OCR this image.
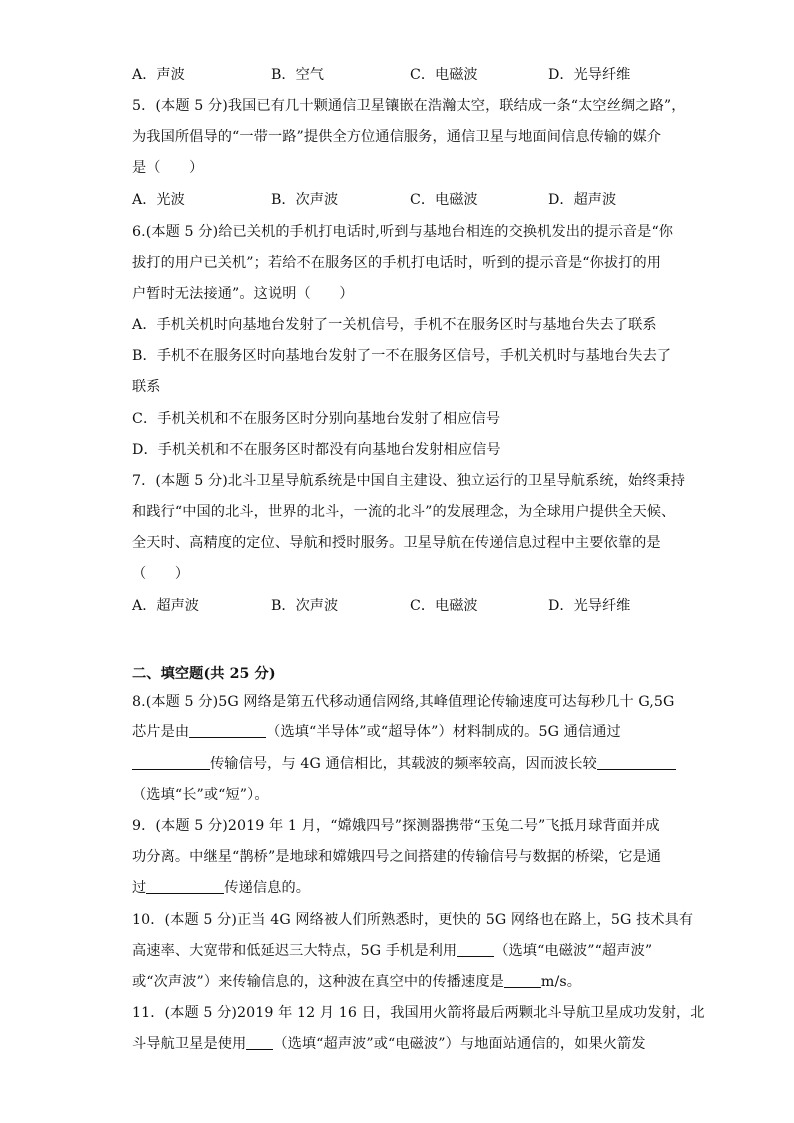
A．声波	B．空气	C．电磁波	D．光导纤维
5．(本题 5 分)我国已有几十颗通信卫星镶嵌在浩瀚太空，联结成一条“太空丝绸之路”，
为我国所倡导的“一带一路”提供全方位通信服务，通信卫星与地面间信息传输的媒介
是（　　）
A．光波	B．次声波	C．电磁波	D．超声波
6.(本题 5 分)给已关机的手机打电话时,听到与基地台相连的交换机发出的提示音是“你
拔打的用户已关机”；若给不在服务区的手机打电话时，听到的提示音是“你拔打的用
户暂时无法接通”。这说明（　　）
A．手机关机时向基地台发射了一关机信号，手机不在服务区时与基地台失去了联系
B．手机不在服务区时向基地台发射了一不在服务区信号，手机关机时与基地台失去了
联系
C．手机关机和不在服务区时分别向基地台发射了相应信号
D．手机关机和不在服务区时都没有向基地台发射相应信号
7．(本题 5 分)北斗卫星导航系统是中国自主建设、独立运行的卫星导航系统，始终秉持
和践行“中国的北斗，世界的北斗，一流的北斗”的发展理念，为全球用户提供全天候、
全天时、高精度的定位、导航和授时服务。卫星导航在传递信息过程中主要依靠的是
（　　）
A．超声波	B．次声波	C．电磁波	D．光导纤维
二、填空题(共 25 分)
8.(本题 5 分)5G 网络是第五代移动通信网络,其峰值理论传输速度可达每秒几十 G,5G
芯片是由	（选填“半导体”或“超导体”）材料制成的。5G 通信通过
传输信号，与 4G 通信相比，其载波的频率较高，因而波长较
（选填“长”或“短”）。
9．(本题 5 分)2019 年 1 月，“嫦娥四号”探测器携带“玉兔二号”飞抵月球背面并成
功分离。中继星“鹊桥”是地球和嫦娥四号之间搭建的传输信号与数据的桥梁，它是通
过	传递信息的。
10．(本题 5 分)正当 4G 网络被人们所熟悉时，更快的 5G 网络也在路上，5G 技术具有
高速率、大宽带和低延迟三大特点，5G 手机是利用	（选填“电磁波”“超声波”
或“次声波”）来传输信息的，这种波在真空中的传播速度是	m/s。
11．(本题 5 分)2019 年 12 月 16 日，我国用火箭将最后两颗北斗导航卫星成功发射，北
斗导航卫星是使用 （选填“超声波”或“电磁波”）与地面站通信的，如果火箭发
